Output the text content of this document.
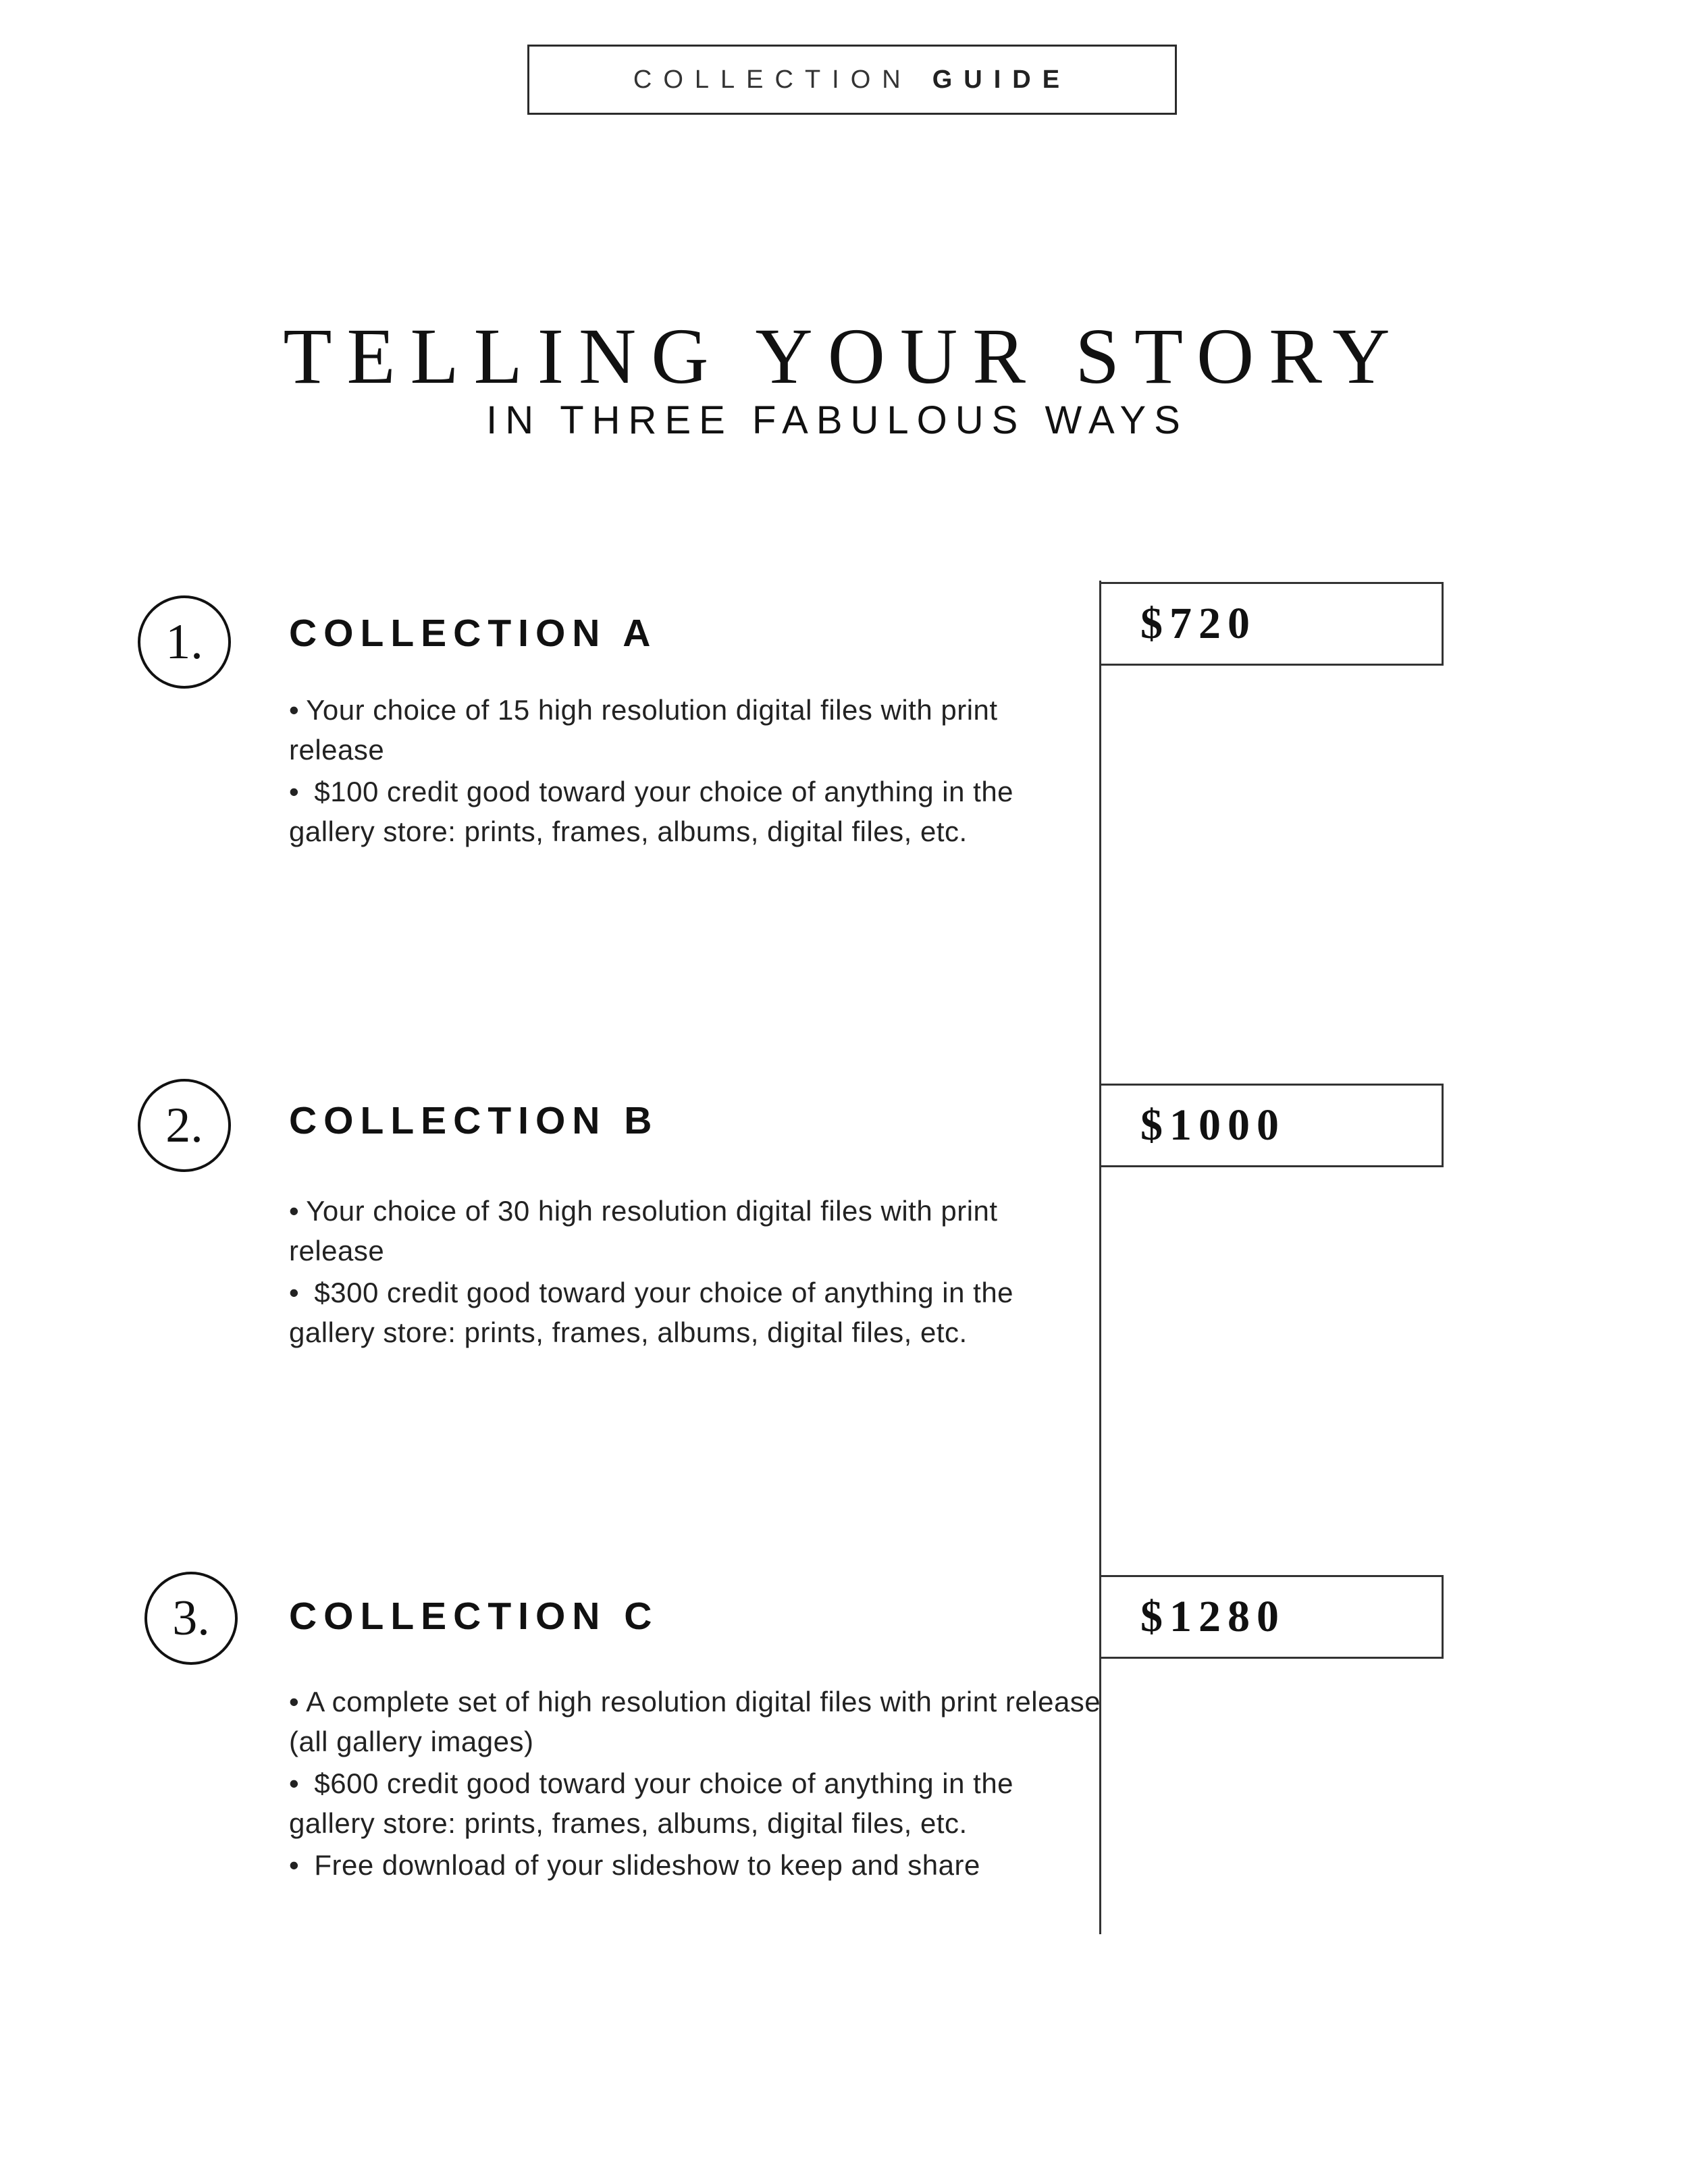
COLLECTION GUIDE
TELLING YOUR STORY
IN THREE FABULOUS WAYS
1.	COLLECTION A
• Your choice of 15 high resolution digital files with print release
• $100 credit good toward your choice of anything in the gallery store: prints, frames, albums, digital files, etc.
$720
2.	COLLECTION B
• Your choice of 30 high resolution digital files with print release
• $300 credit good toward your choice of anything in the gallery store: prints, frames, albums, digital files, etc.
$1000
3.	COLLECTION C
• A complete set of high resolution digital files with print release (all gallery images)
• $600 credit good toward your choice of anything in the gallery store: prints, frames, albums, digital files, etc.
• Free download of your slideshow to keep and share
$1280
